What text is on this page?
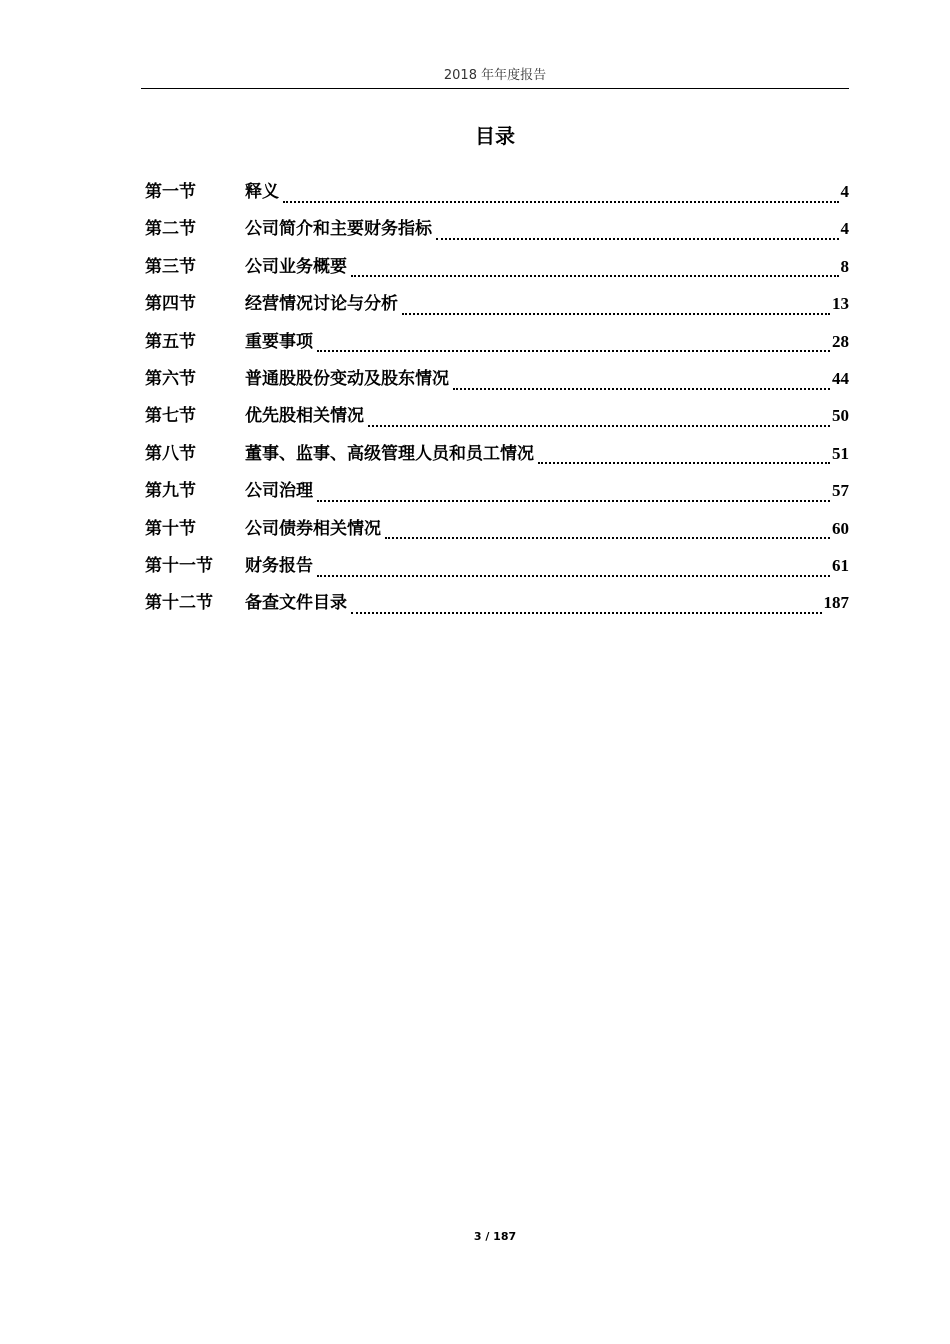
2018 年年度报告
目录
第一节	释义	4
第二节	公司简介和主要财务指标	4
第三节	公司业务概要	8
第四节	经营情况讨论与分析	13
第五节	重要事项	28
第六节	普通股股份变动及股东情况	44
第七节	优先股相关情况	50
第八节	董事、监事、高级管理人员和员工情况	51
第九节	公司治理	57
第十节	公司债券相关情况	60
第十一节	财务报告	61
第十二节	备查文件目录	187
3 / 187
